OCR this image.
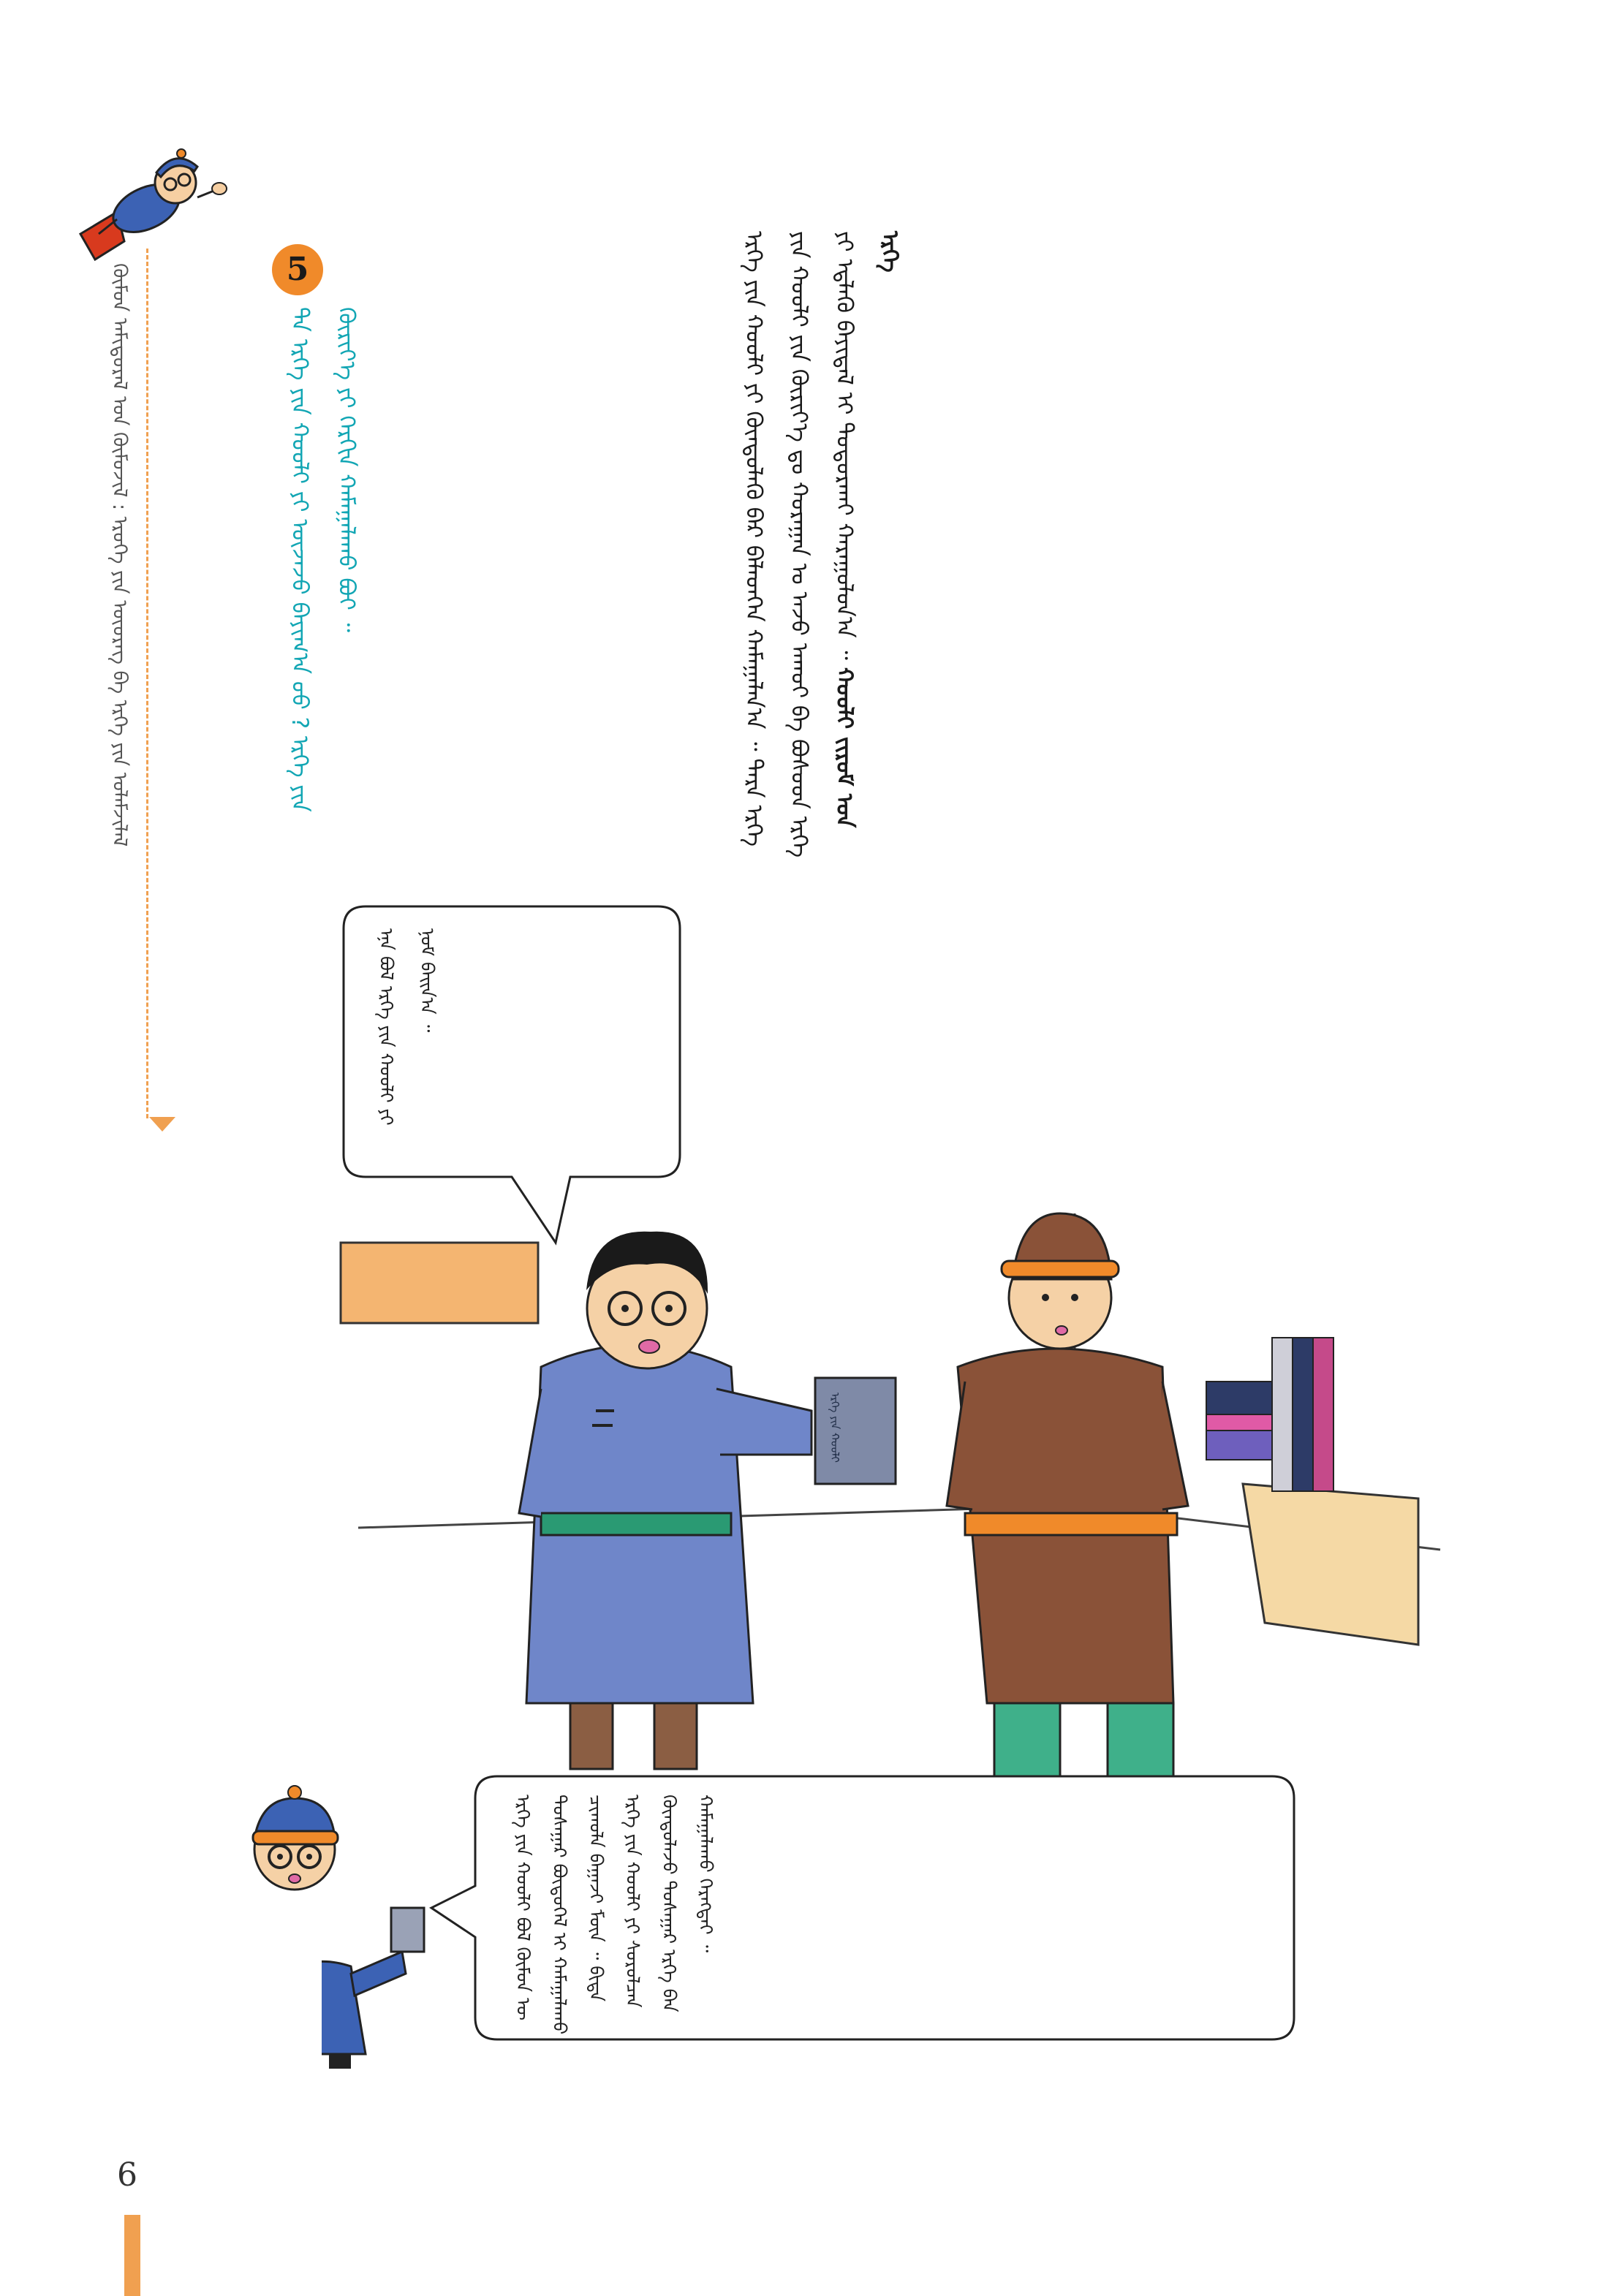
ᠬᠦᠮᠦᠨ ᠠᠮᠢᠳᠤᠷᠠᠯ ᠤᠨ ᠬᠦᠮᠦᠵᠢᠯ : ᠡᠷᠦᠬᠡ ᠶᠢᠨ ᠦᠦᠷᠡᠭ ᠪᠠ ᠡᠷᠬᠡ ᠶᠢᠨ ᠤᠯᠠᠮᠵᠢᠯᠠᠯ	ᠡᠷᠬᠡ ᠶᠢᠨ ᠬᠤᠤᠯᠢ ᠶᠢ ᠬᠦᠨᠳᠦᠯᠡᠬᠦ ᠪᠡᠷ ᠪᠡᠯᠡᠳᠭᠡᠨ ᠬᠠᠮᠠᠭᠠᠯᠠᠨ᠎ᠠ ᠃ ᠲᠡᠷᠡ ᠡᠷᠬᠡ ᠶᠢᠨ ᠬᠤᠤᠯᠢ ᠶᠢᠨ ᠬᠦᠷᠢᠶ᠎ᠡ ᠳᠤ ᠬᠤᠷᠠᠭᠠᠨ ᠤ ᠠᠵᠤ ᠠᠬᠤᠢ ᠪᠠ ᠪᠤᠰᠤᠳ ᠡᠷᠬᠡ ᠶᠢ ᠡᠳ᠋ᠯᠡᠬᠦ ᠪᠠᠶᠢᠳᠠᠯ ᠢ ᠲᠤᠳᠤᠷᠬᠠᠶ ᠬᠠᠷᠠᠭᠤᠯᠤᠨ᠎ᠠ ᠃ ᠬᠤᠤᠯᠢ ᠵᠢᠷᠤᠮ ᠤᠨ ᠡᠷᠬᠡ
5
ᠲᠠ ᠡᠷᠬᠡ ᠶᠢᠨ ᠬᠤᠤᠯᠢ ᠶᠢ ᠦᠵᠡᠵᠦ ᠪᠠᠶᠢᠭ᠎ᠠ ᠤᠤ ? ᠡᠷᠬᠡ ᠶᠢᠨ ᠬᠦᠷᠢᠶ᠎ᠡ ᠶᠢ ᠬᠡᠷᠬᠢᠨ ᠬᠠᠮᠠᠭᠠᠯᠠᠬᠤ ᠪᠤᠢ ᠃
ᠡᠨᠡ ᠪᠤᠯ ᠡᠷᠬᠡ ᠶᠢᠨ ᠬᠤᠤᠯᠢ ᠶᠢ ᠨᠣᠮ ᠪᠠᠢᠨ᠎ᠠ ᠃
ᠡᠷᠬᠡ ᠶᠢᠨ ᠬᠤᠤᠯᠢ ᠪᠤᠯ ᠬᠦᠮᠦᠨ ᠦ ᠲᠤᠰᠠᠭᠠᠷ ᠪᠦᠲᠦᠭᠡᠯ ᠢ ᠬᠠᠮᠠᠭᠠᠯᠠᠬᠤ ᠴᠢᠬᠤᠯᠠ ᠪᠠᠭᠠᠵᠢ ᠮᠥᠨ ᠃ ᠪᠢᠳᠡ ᠡᠷᠬᠡ ᠶᠢᠨ ᠬᠤᠤᠯᠢ ᠶᠢ ᠰᠤᠷᠤᠯᠴᠠᠨ ᠬᠦᠨᠳᠦᠯᠡᠵᠦ ᠲᠤᠰᠠᠭᠠᠷ ᠡᠷᠬᠡ ᠪᠡᠨ ᠬᠠᠮᠠᠭᠠᠯᠠᠬᠤ ᠬᠡᠷᠡᠭᠲᠡᠢ ᠃
ᠡᠷᠬᠡ ᠶᠢᠨ ᠬᠤᠤᠯᠢ
6
